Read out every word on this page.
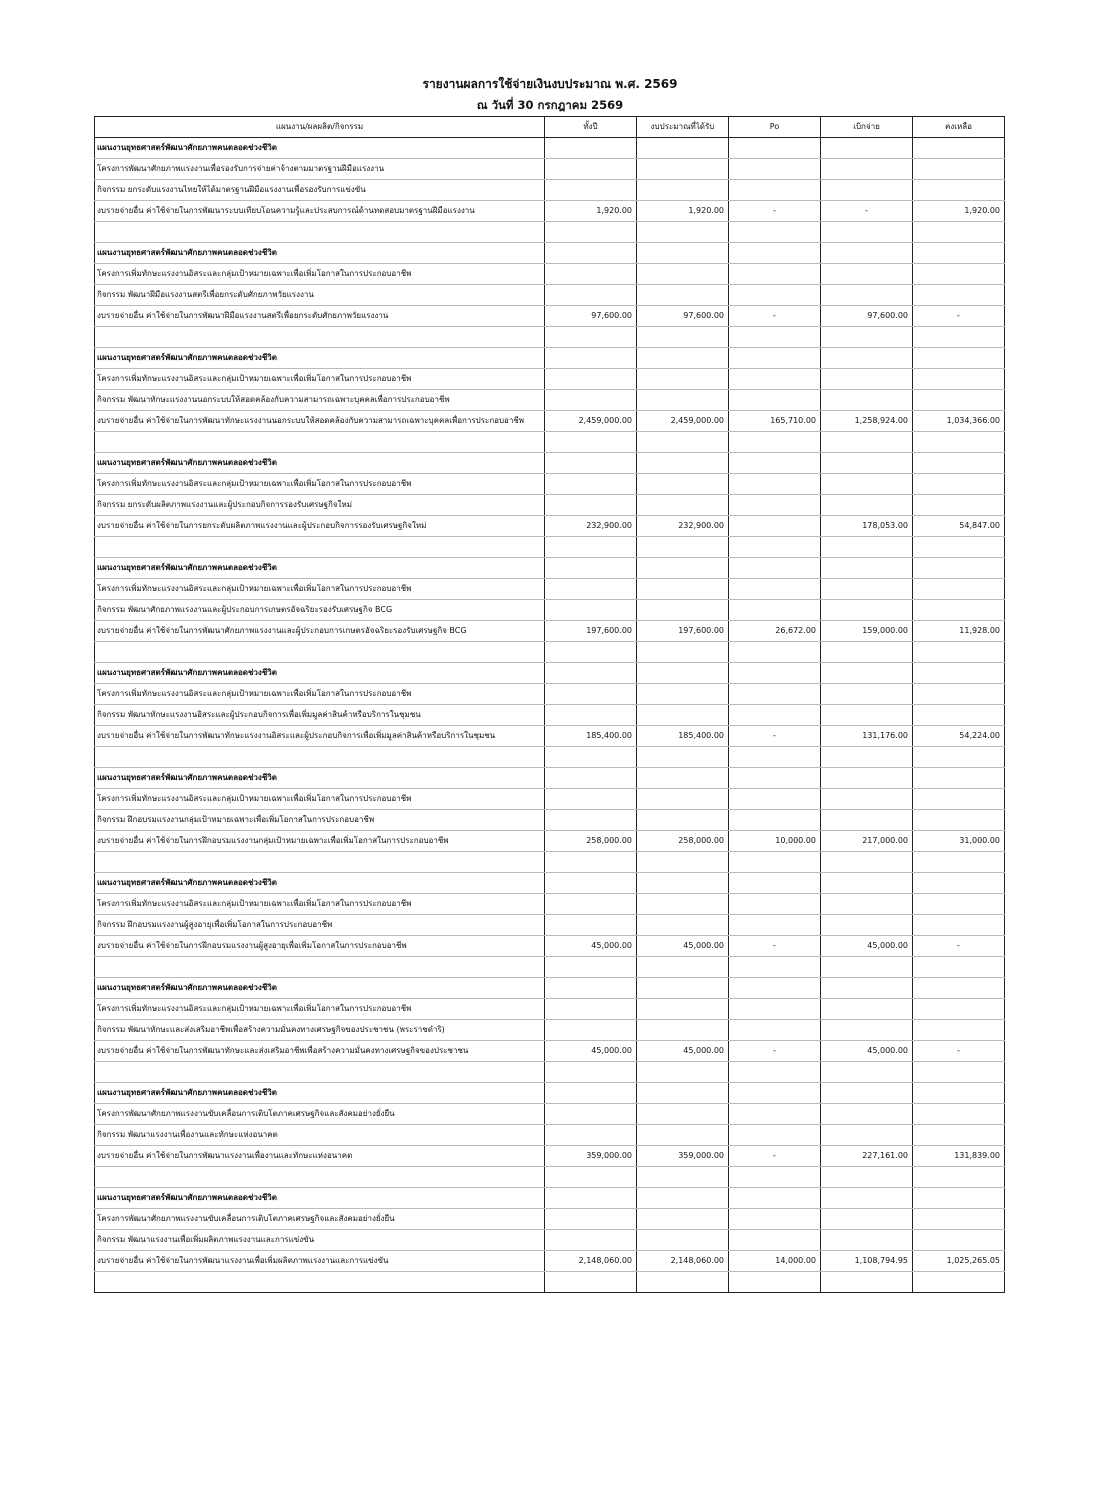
รายงานผลการใช้จ่ายเงินงบประมาณ พ.ศ. 2569
ณ วันที่ 30 กรกฎาคม 2569
แผนงาน/ผลผลิต/กิจกรรม	ทั้งปี	งบประมาณที่ได้รับ	Po	เบิกจ่าย	คงเหลือ
แผนงานยุทธศาสตร์พัฒนาศักยภาพคนตลอดช่วงชีวิต					
โครงการพัฒนาศักยภาพแรงงานเพื่อรองรับการจ่ายค่าจ้างตามมาตรฐานฝีมือแรงงาน					
กิจกรรม ยกระดับแรงงานไทยให้ได้มาตรฐานฝีมือแรงงานเพื่อรองรับการแข่งขัน					
งบรายจ่ายอื่น ค่าใช้จ่ายในการพัฒนาระบบเทียบโอนความรู้และประสบการณ์ด้านทดสอบมาตรฐานฝีมือแรงงาน	1,920.00	1,920.00	-	-	1,920.00

แผนงานยุทธศาสตร์พัฒนาศักยภาพคนตลอดช่วงชีวิต					
โครงการเพิ่มทักษะแรงงานอิสระและกลุ่มเป้าหมายเฉพาะเพื่อเพิ่มโอกาสในการประกอบอาชีพ					
กิจกรรม พัฒนาฝีมือแรงงานสตรีเพื่อยกระดับศักยภาพวัยแรงงาน					
งบรายจ่ายอื่น ค่าใช้จ่ายในการพัฒนาฝีมือแรงงานสตรีเพื่อยกระดับศักยภาพวัยแรงงาน	97,600.00	97,600.00	-	97,600.00	-

แผนงานยุทธศาสตร์พัฒนาศักยภาพคนตลอดช่วงชีวิต					
โครงการเพิ่มทักษะแรงงานอิสระและกลุ่มเป้าหมายเฉพาะเพื่อเพิ่มโอกาสในการประกอบอาชีพ					
กิจกรรม พัฒนาทักษะแรงงานนอกระบบให้สอดคล้องกับความสามารถเฉพาะบุคคลเพื่อการประกอบอาชีพ					
งบรายจ่ายอื่น ค่าใช้จ่ายในการพัฒนาทักษะแรงงานนอกระบบให้สอดคล้องกับความสามารถเฉพาะบุคคลเพื่อการประกอบอาชีพ	2,459,000.00	2,459,000.00	165,710.00	1,258,924.00	1,034,366.00

แผนงานยุทธศาสตร์พัฒนาศักยภาพคนตลอดช่วงชีวิต					
โครงการเพิ่มทักษะแรงงานอิสระและกลุ่มเป้าหมายเฉพาะเพื่อเพิ่มโอกาสในการประกอบอาชีพ					
กิจกรรม ยกระดับผลิตภาพแรงงานและผู้ประกอบกิจการรองรับเศรษฐกิจใหม่					
งบรายจ่ายอื่น ค่าใช้จ่ายในการยกระดับผลิตภาพแรงงานและผู้ประกอบกิจการรองรับเศรษฐกิจใหม่	232,900.00	232,900.00		178,053.00	54,847.00

แผนงานยุทธศาสตร์พัฒนาศักยภาพคนตลอดช่วงชีวิต					
โครงการเพิ่มทักษะแรงงานอิสระและกลุ่มเป้าหมายเฉพาะเพื่อเพิ่มโอกาสในการประกอบอาชีพ					
กิจกรรม พัฒนาศักยภาพแรงงานและผู้ประกอบการเกษตรอัจฉริยะรองรับเศรษฐกิจ BCG					
งบรายจ่ายอื่น ค่าใช้จ่ายในการพัฒนาศักยภาพแรงงานและผู้ประกอบการเกษตรอัจฉริยะรองรับเศรษฐกิจ BCG	197,600.00	197,600.00	26,672.00	159,000.00	11,928.00

แผนงานยุทธศาสตร์พัฒนาศักยภาพคนตลอดช่วงชีวิต					
โครงการเพิ่มทักษะแรงงานอิสระและกลุ่มเป้าหมายเฉพาะเพื่อเพิ่มโอกาสในการประกอบอาชีพ					
กิจกรรม พัฒนาทักษะแรงงานอิสระและผู้ประกอบกิจการเพื่อเพิ่มมูลค่าสินค้าหรือบริการในชุมชน					
งบรายจ่ายอื่น ค่าใช้จ่ายในการพัฒนาทักษะแรงงานอิสระและผู้ประกอบกิจการเพื่อเพิ่มมูลค่าสินค้าหรือบริการในชุมชน	185,400.00	185,400.00	-	131,176.00	54,224.00

แผนงานยุทธศาสตร์พัฒนาศักยภาพคนตลอดช่วงชีวิต					
โครงการเพิ่มทักษะแรงงานอิสระและกลุ่มเป้าหมายเฉพาะเพื่อเพิ่มโอกาสในการประกอบอาชีพ					
กิจกรรม ฝึกอบรมแรงงานกลุ่มเป้าหมายเฉพาะเพื่อเพิ่มโอกาสในการประกอบอาชีพ					
งบรายจ่ายอื่น ค่าใช้จ่ายในการฝึกอบรมแรงงานกลุ่มเป้าหมายเฉพาะเพื่อเพิ่มโอกาสในการประกอบอาชีพ	258,000.00	258,000.00	10,000.00	217,000.00	31,000.00

แผนงานยุทธศาสตร์พัฒนาศักยภาพคนตลอดช่วงชีวิต					
โครงการเพิ่มทักษะแรงงานอิสระและกลุ่มเป้าหมายเฉพาะเพื่อเพิ่มโอกาสในการประกอบอาชีพ					
กิจกรรม ฝึกอบรมแรงงานผู้สูงอายุเพื่อเพิ่มโอกาสในการประกอบอาชีพ					
งบรายจ่ายอื่น ค่าใช้จ่ายในการฝึกอบรมแรงงานผู้สูงอายุเพื่อเพิ่มโอกาสในการประกอบอาชีพ	45,000.00	45,000.00	-	45,000.00	-

แผนงานยุทธศาสตร์พัฒนาศักยภาพคนตลอดช่วงชีวิต					
โครงการเพิ่มทักษะแรงงานอิสระและกลุ่มเป้าหมายเฉพาะเพื่อเพิ่มโอกาสในการประกอบอาชีพ					
กิจกรรม พัฒนาทักษะและส่งเสริมอาชีพเพื่อสร้างความมั่นคงทางเศรษฐกิจของประชาชน (พระราชดำริ)					
งบรายจ่ายอื่น ค่าใช้จ่ายในการพัฒนาทักษะและส่งเสริมอาชีพเพื่อสร้างความมั่นคงทางเศรษฐกิจของประชาชน	45,000.00	45,000.00	-	45,000.00	-

แผนงานยุทธศาสตร์พัฒนาศักยภาพคนตลอดช่วงชีวิต					
โครงการพัฒนาศักยภาพแรงงานขับเคลื่อนการเติบโตภาคเศรษฐกิจและสังคมอย่างยั่งยืน					
กิจกรรม พัฒนาแรงงานเพื่องานและทักษะแห่งอนาคต					
งบรายจ่ายอื่น ค่าใช้จ่ายในการพัฒนาแรงงานเพื่องานและทักษะแห่งอนาคต	359,000.00	359,000.00	-	227,161.00	131,839.00

แผนงานยุทธศาสตร์พัฒนาศักยภาพคนตลอดช่วงชีวิต					
โครงการพัฒนาศักยภาพแรงงานขับเคลื่อนการเติบโตภาคเศรษฐกิจและสังคมอย่างยั่งยืน					
กิจกรรม พัฒนาแรงงานเพื่อเพิ่มผลิตภาพแรงงานและการแข่งขัน					
งบรายจ่ายอื่น ค่าใช้จ่ายในการพัฒนาแรงงานเพื่อเพิ่มผลิตภาพแรงงานและการแข่งขัน	2,148,060.00	2,148,060.00	14,000.00	1,108,794.95	1,025,265.05
